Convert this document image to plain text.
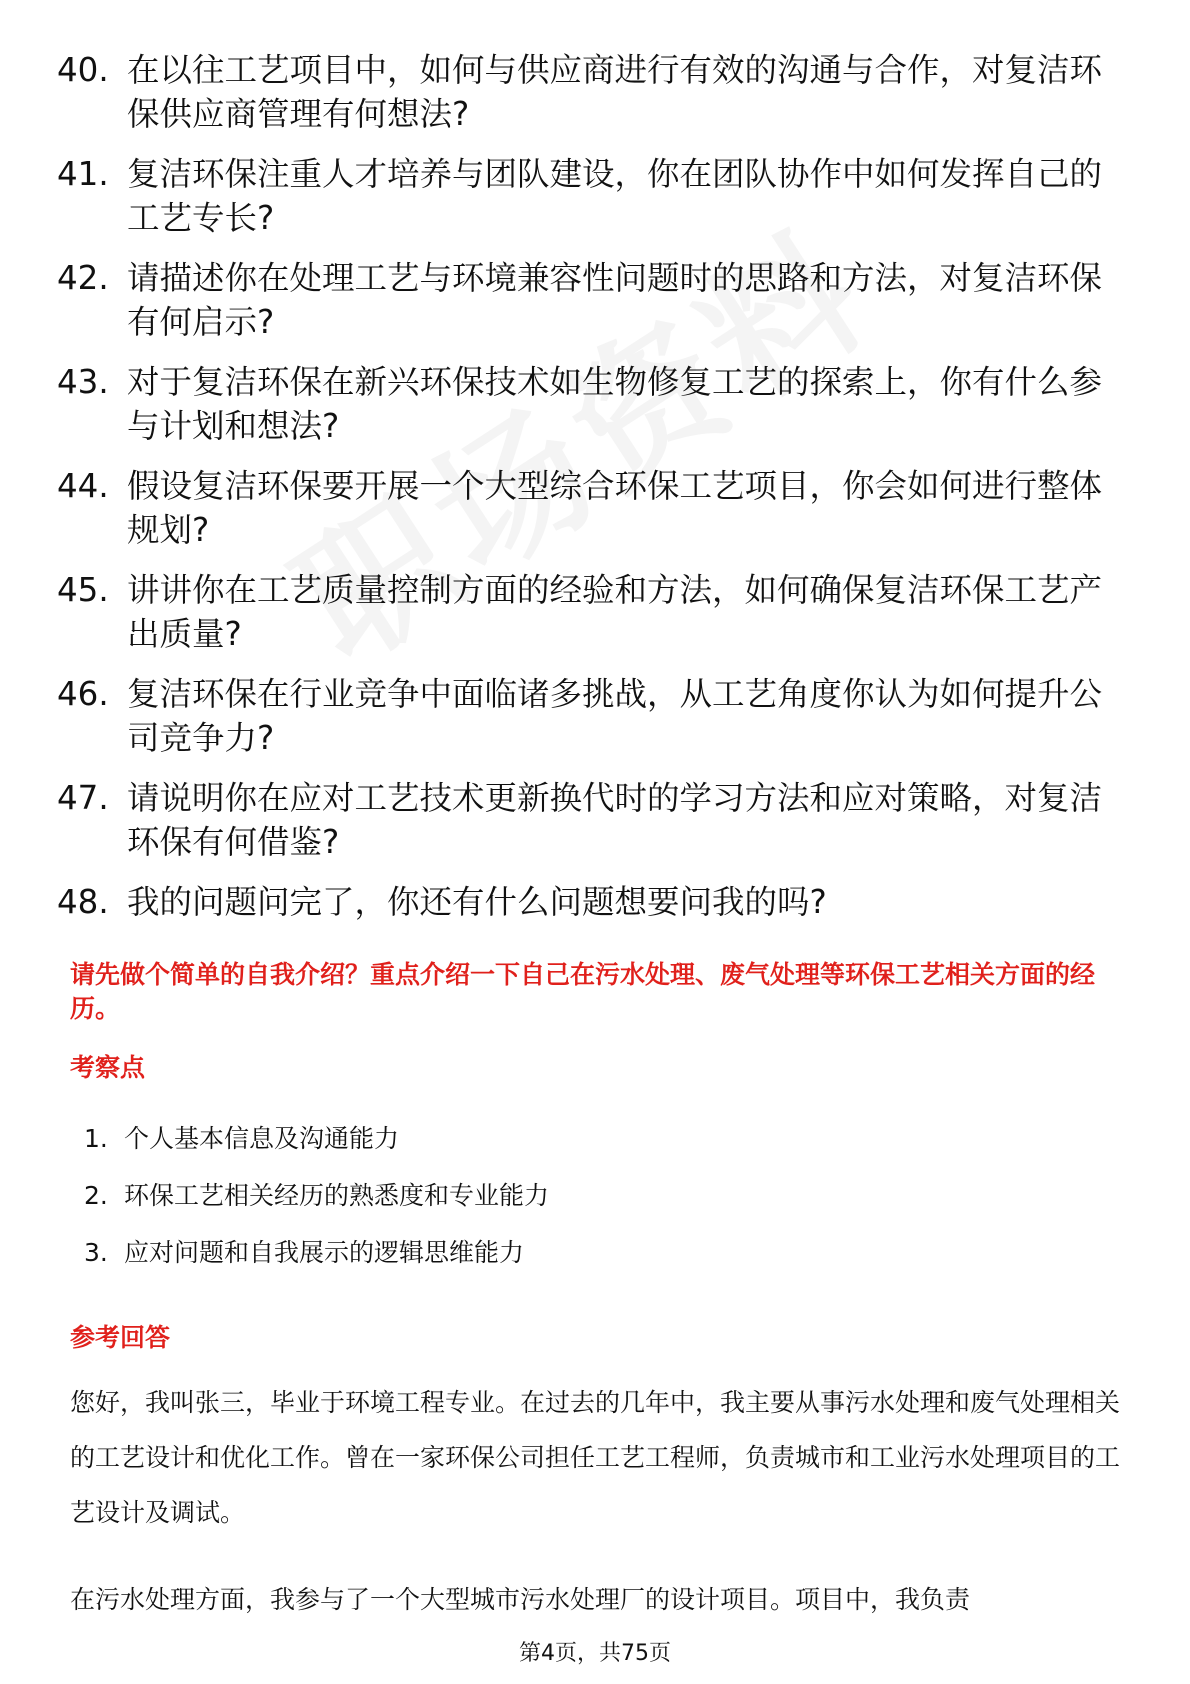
40. 在以往工艺项目中，如何与供应商进行有效的沟通与合作，对复洁环保供应商管理有何想法?
41. 复洁环保注重人才培养与团队建设，你在团队协作中如何发挥自己的工艺专长?
42. 请描述你在处理工艺与环境兼容性问题时的思路和方法，对复洁环保有何启示?
43. 对于复洁环保在新兴环保技术如生物修复工艺的探索上，你有什么参与计划和想法?
44. 假设复洁环保要开展一个大型综合环保工艺项目，你会如何进行整体规划?
45. 讲讲你在工艺质量控制方面的经验和方法，如何确保复洁环保工艺产出质量?
46. 复洁环保在行业竞争中面临诸多挑战，从工艺角度你认为如何提升公司竞争力?
47. 请说明你在应对工艺技术更新换代时的学习方法和应对策略，对复洁环保有何借鉴?
48. 我的问题问完了，你还有什么问题想要问我的吗?
请先做个简单的自我介绍？重点介绍一下自己在污水处理、废气处理等环保工艺相关方面的经历。
考察点
1. 个人基本信息及沟通能力
2. 环保工艺相关经历的熟悉度和专业能力
3. 应对问题和自我展示的逻辑思维能力
参考回答
您好，我叫张三，毕业于环境工程专业。在过去的几年中，我主要从事污水处理和废气处理相关的工艺设计和优化工作。曾在一家环保公司担任工艺工程师，负责城市和工业污水处理项目的工艺设计及调试。
在污水处理方面，我参与了一个大型城市污水处理厂的设计项目。项目中，我负责
第4页，共75页
